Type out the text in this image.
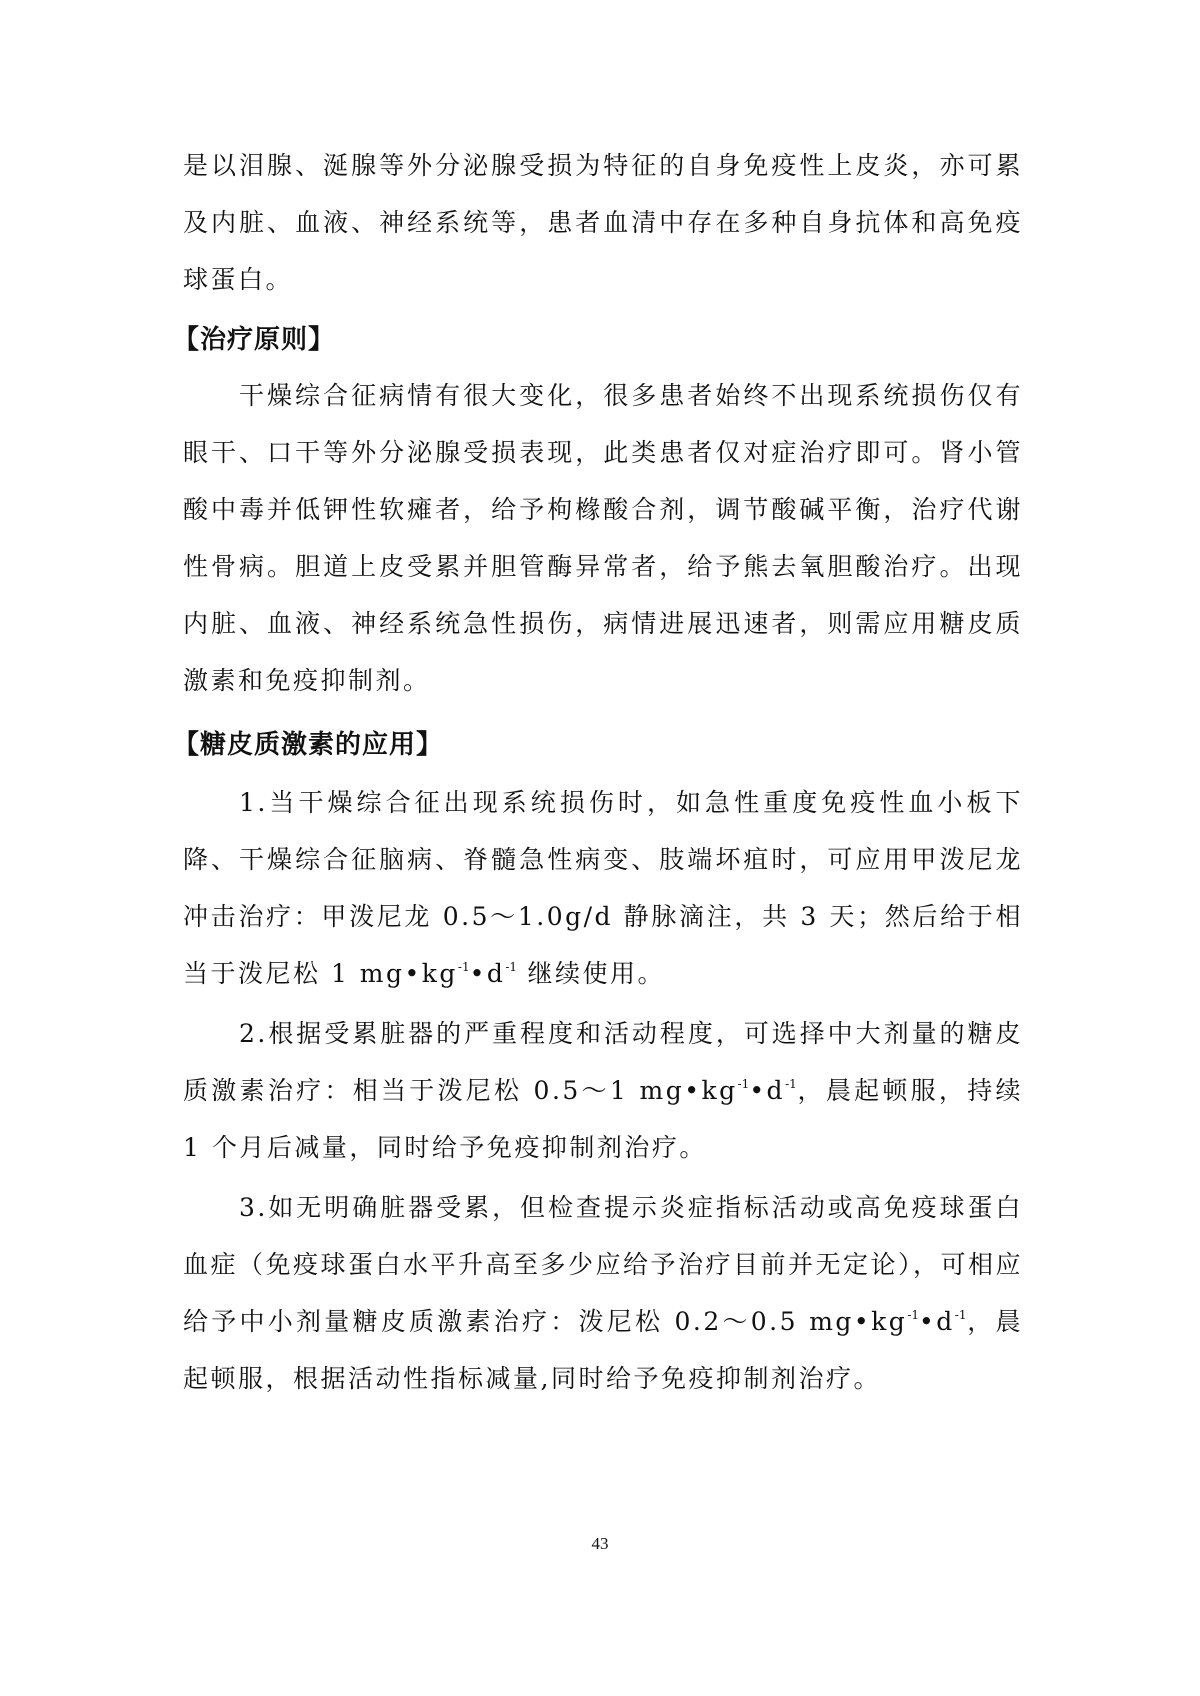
是以泪腺、涎腺等外分泌腺受损为特征的自身免疫性上皮炎，亦可累及内脏、血液、神经系统等，患者血清中存在多种自身抗体和高免疫球蛋白。

【治疗原则】

干燥综合征病情有很大变化，很多患者始终不出现系统损伤仅有眼干、口干等外分泌腺受损表现，此类患者仅对症治疗即可。肾小管酸中毒并低钾性软瘫者，给予枸橼酸合剂，调节酸碱平衡，治疗代谢性骨病。胆道上皮受累并胆管酶异常者，给予熊去氧胆酸治疗。出现内脏、血液、神经系统急性损伤，病情进展迅速者，则需应用糖皮质激素和免疫抑制剂。

【糖皮质激素的应用】

1.当干燥综合征出现系统损伤时，如急性重度免疫性血小板下降、干燥综合征脑病、脊髓急性病变、肢端坏疽时，可应用甲泼尼龙冲击治疗：甲泼尼龙 0.5～1.0g/d 静脉滴注，共 3 天；然后给于相当于泼尼松 1 $mg•kg^{-1}•d^{-1}$ 继续使用。

2.根据受累脏器的严重程度和活动程度，可选择中大剂量的糖皮质激素治疗：相当于泼尼松 0.5～1 $mg•kg^{-1}•d^{-1}$，晨起顿服，持续 1 个月后减量，同时给予免疫抑制剂治疗。

3.如无明确脏器受累，但检查提示炎症指标活动或高免疫球蛋白血症（免疫球蛋白水平升高至多少应给予治疗目前并无定论），可相应给予中小剂量糖皮质激素治疗：泼尼松 0.2～0.5 $mg•kg^{-1}•d^{-1}$，晨起顿服，根据活动性指标减量,同时给予免疫抑制剂治疗。

43
